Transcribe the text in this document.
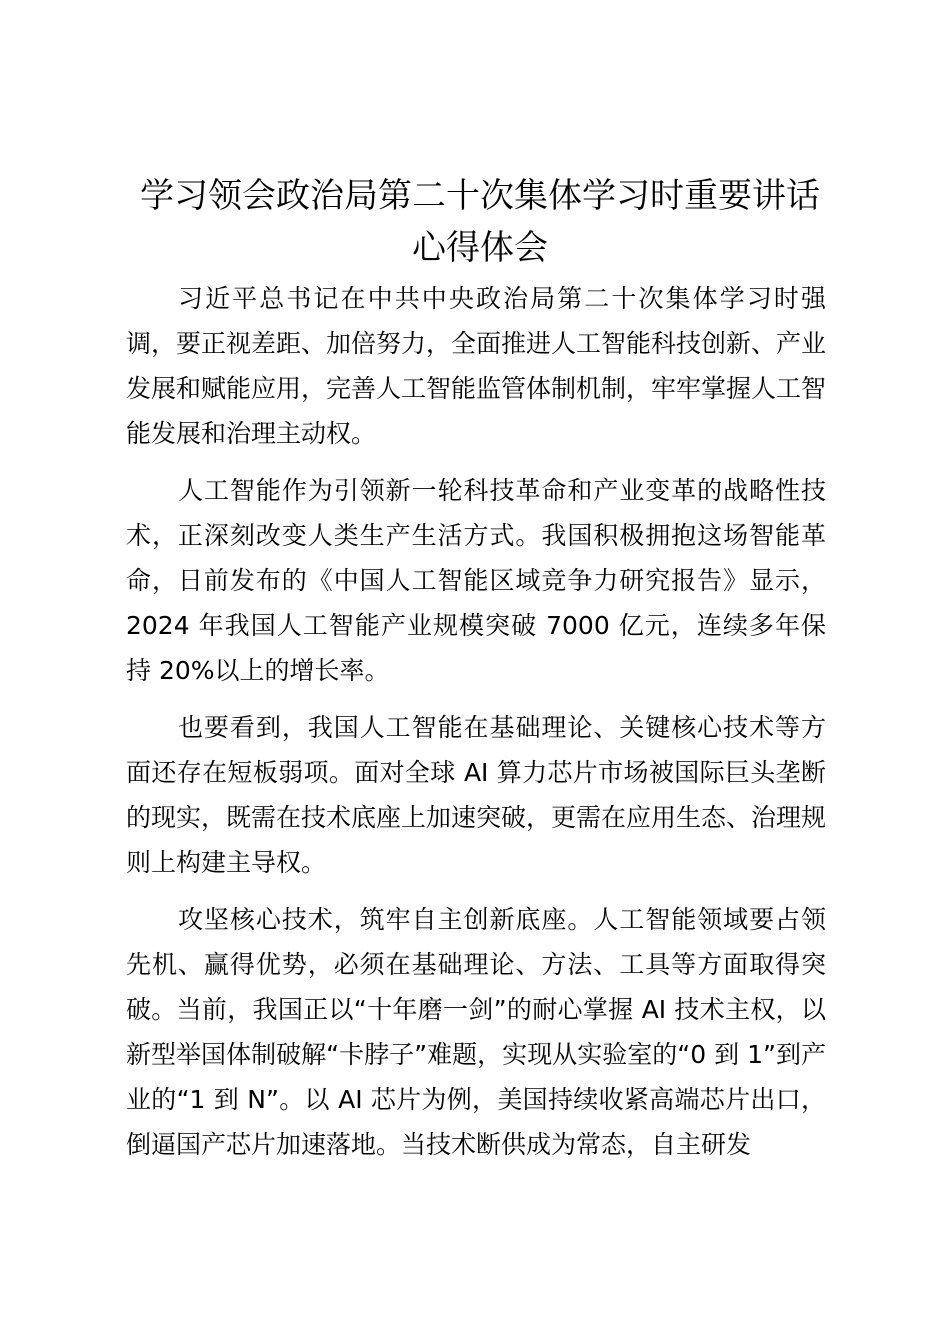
学习领会政治局第二十次集体学习时重要讲话
心得体会

习近平总书记在中共中央政治局第二十次集体学习时强调，要正视差距、加倍努力，全面推进人工智能科技创新、产业发展和赋能应用，完善人工智能监管体制机制，牢牢掌握人工智能发展和治理主动权。

人工智能作为引领新一轮科技革命和产业变革的战略性技术，正深刻改变人类生产生活方式。我国积极拥抱这场智能革命，日前发布的《中国人工智能区域竞争力研究报告》显示，2024 年我国人工智能产业规模突破 7000 亿元，连续多年保持 20%以上的增长率。

也要看到，我国人工智能在基础理论、关键核心技术等方面还存在短板弱项。面对全球 AI 算力芯片市场被国际巨头垄断的现实，既需在技术底座上加速突破，更需在应用生态、治理规则上构建主导权。

攻坚核心技术，筑牢自主创新底座。人工智能领域要占领先机、赢得优势，必须在基础理论、方法、工具等方面取得突破。当前，我国正以“十年磨一剑”的耐心掌握 AI 技术主权，以新型举国体制破解“卡脖子”难题，实现从实验室的“0 到 1”到产业的“1 到 N”。以 AI 芯片为例，美国持续收紧高端芯片出口，倒逼国产芯片加速落地。当技术断供成为常态，自主研发
